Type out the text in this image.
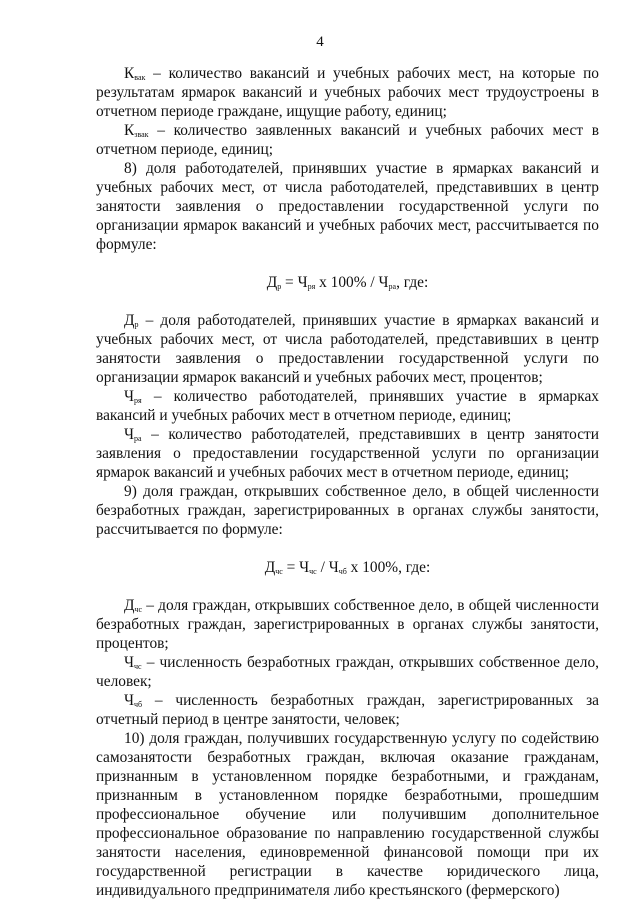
4

$К_{вак}$ – количество вакансий и учебных рабочих мест, на которые по результатам ярмарок вакансий и учебных рабочих мест трудоустроены в отчетном периоде граждане, ищущие работу, единиц;

$К_{звак}$ – количество заявленных вакансий и учебных рабочих мест в отчетном периоде, единиц;

8) доля работодателей, принявших участие в ярмарках вакансий и учебных рабочих мест, от числа работодателей, представивших в центр занятости заявления о предоставлении государственной услуги по организации ярмарок вакансий и учебных рабочих мест, рассчитывается по формуле:

$Д_р = Ч_{ря}$ х $100\% / Ч_{ра}$, где:

$Д_р$ – доля работодателей, принявших участие в ярмарках вакансий и учебных рабочих мест, от числа работодателей, представивших в центр занятости заявления о предоставлении государственной услуги по организации ярмарок вакансий и учебных рабочих мест, процентов;

$Ч_{ря}$ – количество работодателей, принявших участие в ярмарках вакансий и учебных рабочих мест в отчетном периоде, единиц;

$Ч_{ра}$ – количество работодателей, представивших в центр занятости заявления о предоставлении государственной услуги по организации ярмарок вакансий и учебных рабочих мест в отчетном периоде, единиц;

9) доля граждан, открывших собственное дело, в общей численности безработных граждан, зарегистрированных в органах службы занятости, рассчитывается по формуле:

$Д_{чс} = Ч_{чс} / Ч_{чб}$ х 100%, где:

$Д_{чс}$ – доля граждан, открывших собственное дело, в общей численности безработных граждан, зарегистрированных в органах службы занятости, процентов;

$Ч_{чс}$ – численность безработных граждан, открывших собственное дело, человек;

$Ч_{чб}$ – численность безработных граждан, зарегистрированных за отчетный период в центре занятости, человек;

10) доля граждан, получивших государственную услугу по содействию самозанятости безработных граждан, включая оказание гражданам, признанным в установленном порядке безработными, и гражданам, признанным в установленном порядке безработными, прошедшим профессиональное обучение или получившим дополнительное профессиональное образование по направлению государственной службы занятости населения, единовременной финансовой помощи при их государственной регистрации в качестве юридического лица, индивидуального предпринимателя либо крестьянского (фермерского)
